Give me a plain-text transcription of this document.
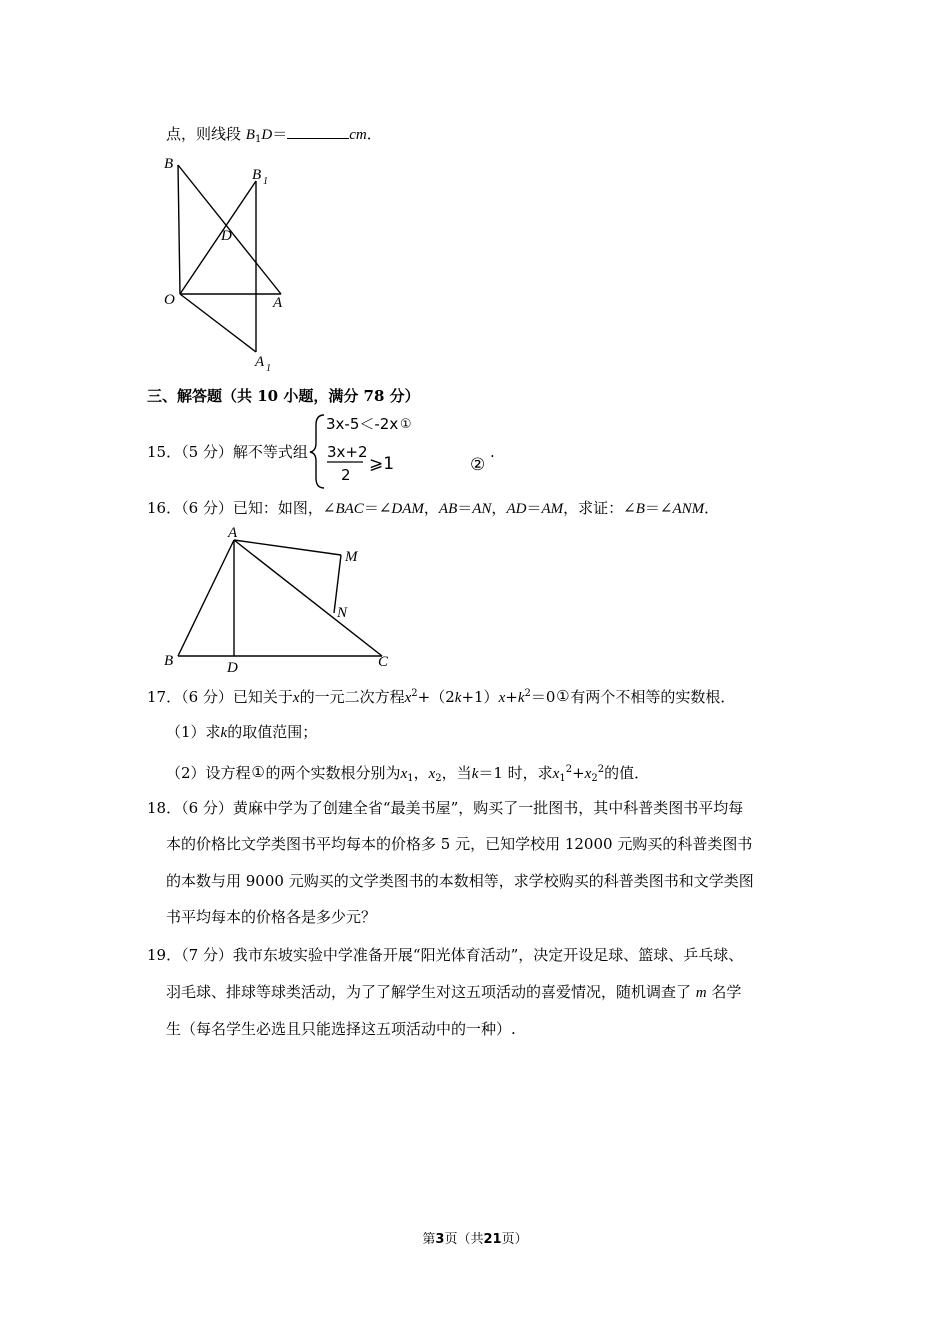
点，则线段 $B_1D=$	cm．
B
B 1
D
O	A
A 1
三、解答题（共 10 小题，满分 78 分）
15．（5 分）解不等式组
3x-5＜-2x ①
3x+2
2
⩾1	②
.
16．（6 分）已知：如图，∠BAC＝∠DAM，AB＝AN，AD＝AM，求证：∠B＝∠ANM．
A
M
N
B	D	C
17．（6 分）已知关于x的一元二次方程$x^2+(2k+1)x+k^2=0①$有两个不相等的实数根．
（1）求k的取值范围；
（2）设方程①的两个实数根分别为$x_1$，$x_2$，当k＝1 时，求$x_1^2+x_2^2$的值．
18．（6 分）黄麻中学为了创建全省“最美书屋”，购买了一批图书，其中科普类图书平均每
本的价格比文学类图书平均每本的价格多 5 元，已知学校用 12000 元购买的科普类图书
的本数与用 9000 元购买的文学类图书的本数相等，求学校购买的科普类图书和文学类图
书平均每本的价格各是多少元？
19．（7 分）我市东坡实验中学准备开展“阳光体育活动”，决定开设足球、篮球、乒乓球、
羽毛球、排球等球类活动，为了了解学生对这五项活动的喜爱情况，随机调查了 m 名学
生（每名学生必选且只能选择这五项活动中的一种）.
第3页（共21页）
